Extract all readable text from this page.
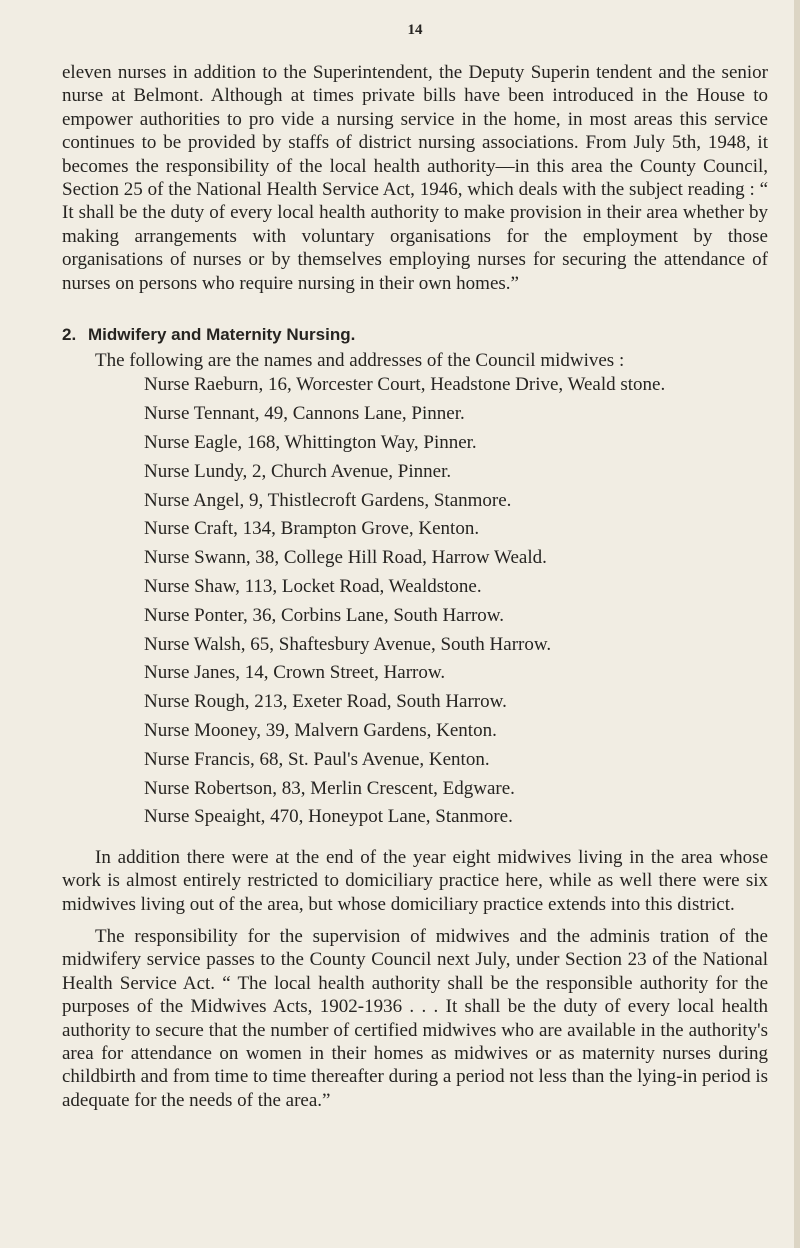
14

eleven nurses in addition to the Superintendent, the Deputy Superin tendent and the senior nurse at Belmont. Although at times private bills have been introduced in the House to empower authorities to pro vide a nursing service in the home, in most areas this service continues to be provided by staffs of district nursing associations. From July 5th, 1948, it becomes the responsibility of the local health authority—in this area the County Council, Section 25 of the National Health Service Act, 1946, which deals with the subject reading : “ It shall be the duty of every local health authority to make provision in their area whether by making arrangements with voluntary organisations for the employment by those organisations of nurses or by themselves employing nurses for securing the attendance of nurses on persons who require nursing in their own homes.”

2. Midwifery and Maternity Nursing.

The following are the names and addresses of the Council midwives :

Nurse Raeburn, 16, Worcester Court, Headstone Drive, Weald stone.
Nurse Tennant, 49, Cannons Lane, Pinner.
Nurse Eagle, 168, Whittington Way, Pinner.
Nurse Lundy, 2, Church Avenue, Pinner.
Nurse Angel, 9, Thistlecroft Gardens, Stanmore.
Nurse Craft, 134, Brampton Grove, Kenton.
Nurse Swann, 38, College Hill Road, Harrow Weald.
Nurse Shaw, 113, Locket Road, Wealdstone.
Nurse Ponter, 36, Corbins Lane, South Harrow.
Nurse Walsh, 65, Shaftesbury Avenue, South Harrow.
Nurse Janes, 14, Crown Street, Harrow.
Nurse Rough, 213, Exeter Road, South Harrow.
Nurse Mooney, 39, Malvern Gardens, Kenton.
Nurse Francis, 68, St. Paul's Avenue, Kenton.
Nurse Robertson, 83, Merlin Crescent, Edgware.
Nurse Speaight, 470, Honeypot Lane, Stanmore.

In addition there were at the end of the year eight midwives living in the area whose work is almost entirely restricted to domiciliary practice here, while as well there were six midwives living out of the area, but whose domiciliary practice extends into this district.

The responsibility for the supervision of midwives and the adminis tration of the midwifery service passes to the County Council next July, under Section 23 of the National Health Service Act. “ The local health authority shall be the responsible authority for the purposes of the Midwives Acts, 1902-1936 . . . It shall be the duty of every local health authority to secure that the number of certified midwives who are available in the authority's area for attendance on women in their homes as midwives or as maternity nurses during childbirth and from time to time thereafter during a period not less than the lying-in period is adequate for the needs of the area.”
